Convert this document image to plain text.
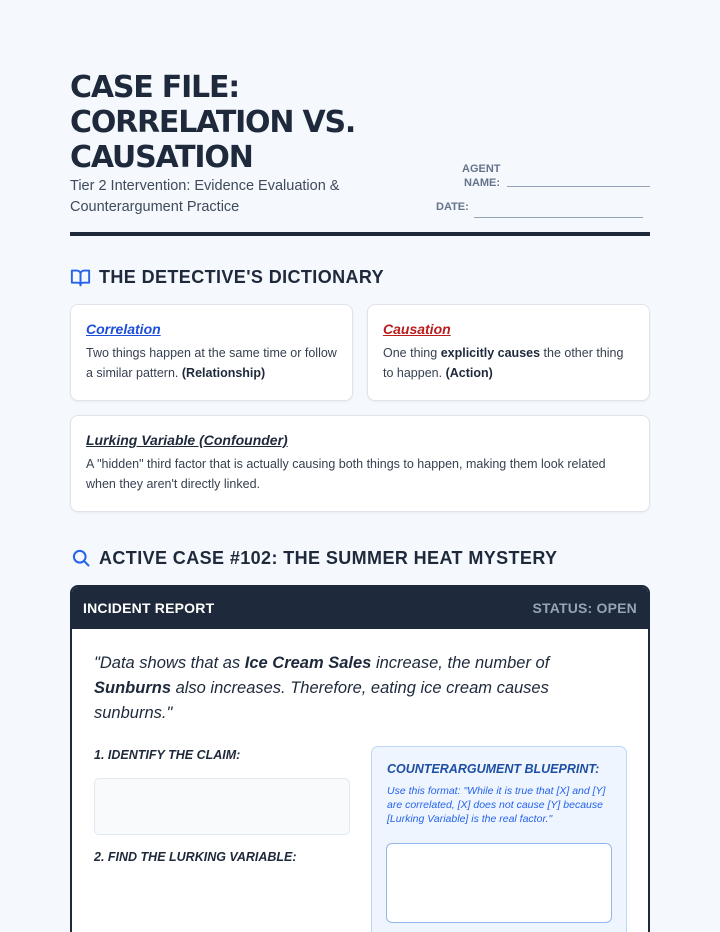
CASE FILE:
CORRELATION VS.
CAUSATION

Tier 2 Intervention: Evidence Evaluation & Counterargument Practice

AGENT
NAME:
DATE:
THE DETECTIVE'S DICTIONARY
Correlation

Two things happen at the same time or follow a similar pattern. (Relationship)

Causation

One thing explicitly causes the other thing to happen. (Action)

Lurking Variable (Confounder)

A "hidden" third factor that is actually causing both things to happen, making them look related when they aren't directly linked.

ACTIVE CASE #102: THE SUMMER HEAT MYSTERY
INCIDENT REPORT	STATUS: OPEN

"Data shows that as Ice Cream Sales increase, the number of Sunburns also increases. Therefore, eating ice cream causes sunburns."

1. IDENTIFY THE CLAIM:
2. FIND THE LURKING VARIABLE:
COUNTERARGUMENT BLUEPRINT:

Use this format: "While it is true that [X] and [Y] are correlated, [X] does not cause [Y] because [Lurking Variable] is the real factor."
